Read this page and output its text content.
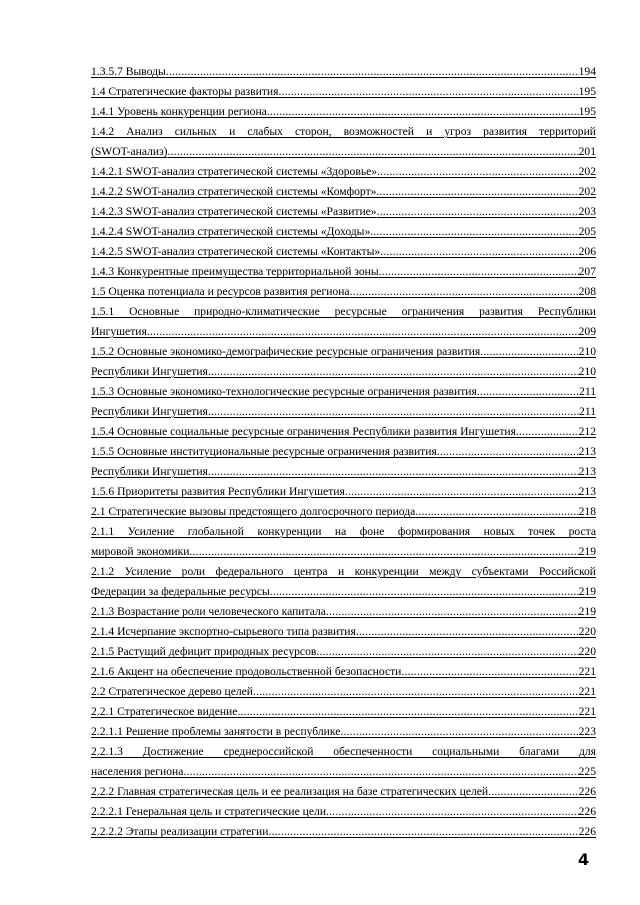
1.3.5.7 Выводы .....	194
1.4 Стратегические факторы развития .....	195
1.4.1 Уровень конкуренции региона .....	195
1.4.2 Анализ сильных и слабых сторон, возможностей и угроз развития территорий
(SWOT-анализ) .....	201
1.4.2.1 SWOT-анализ стратегической системы «Здоровье» .....	202
1.4.2.2 SWOT-анализ стратегической системы «Комфорт» .....	202
1.4.2.3 SWOT-анализ стратегической системы «Развитие» .....	203
1.4.2.4 SWOT-анализ стратегической системы «Доходы» .....	205
1.4.2.5 SWOT-анализ стратегической системы «Контакты» .....	206
1.4.3 Конкурентные преимущества территориальной зоны .....	207
1.5 Оценка потенциала и ресурсов развития региона .....	208
1.5.1 Основные природно-климатические ресурсные ограничения развития Республики
Ингушетия .....	209
1.5.2 Основные экономико-демографические ресурсные ограничения развития .....	210
Республики Ингушетия .....	210
1.5.3 Основные экономико-технологические ресурсные ограничения развития .....	211
Республики Ингушетия .....	211
1.5.4 Основные социальные ресурсные ограничения Республики развития Ингушетия .....	212
1.5.5 Основные институциональные ресурсные ограничения развития .....	213
Республики Ингушетия .....	213
1.5.6 Приоритеты развития Республики Ингушетия .....	213
2.1 Стратегические вызовы предстоящего долгосрочного периода .....	218
2.1.1 Усиление глобальной конкуренции на фоне формирования новых точек роста
мировой экономики .....	219
2.1.2 Усиление роли федерального центра и конкуренции между субъектами Российской
Федерации за федеральные ресурсы .....	219
2.1.3 Возрастание роли человеческого капитала .....	219
2.1.4 Исчерпание экспортно-сырьевого типа развития .....	220
2.1.5 Растущий дефицит природных ресурсов .....	220
2.1.6 Акцент на обеспечение продовольственной безопасности .....	221
2.2 Стратегическое дерево целей .....	221
2.2.1 Стратегическое видение .....	221
2.2.1.1 Решение проблемы занятости в республике .....	223
2.2.1.3 Достижение среднероссийской обеспеченности социальными благами для
населения региона .....	225
2.2.2 Главная стратегическая цель и ее реализация на базе стратегических целей .....	226
2.2.2.1 Генеральная цель и стратегические цели .....	226
2.2.2.2 Этапы реализации стратегии .....	226
4
